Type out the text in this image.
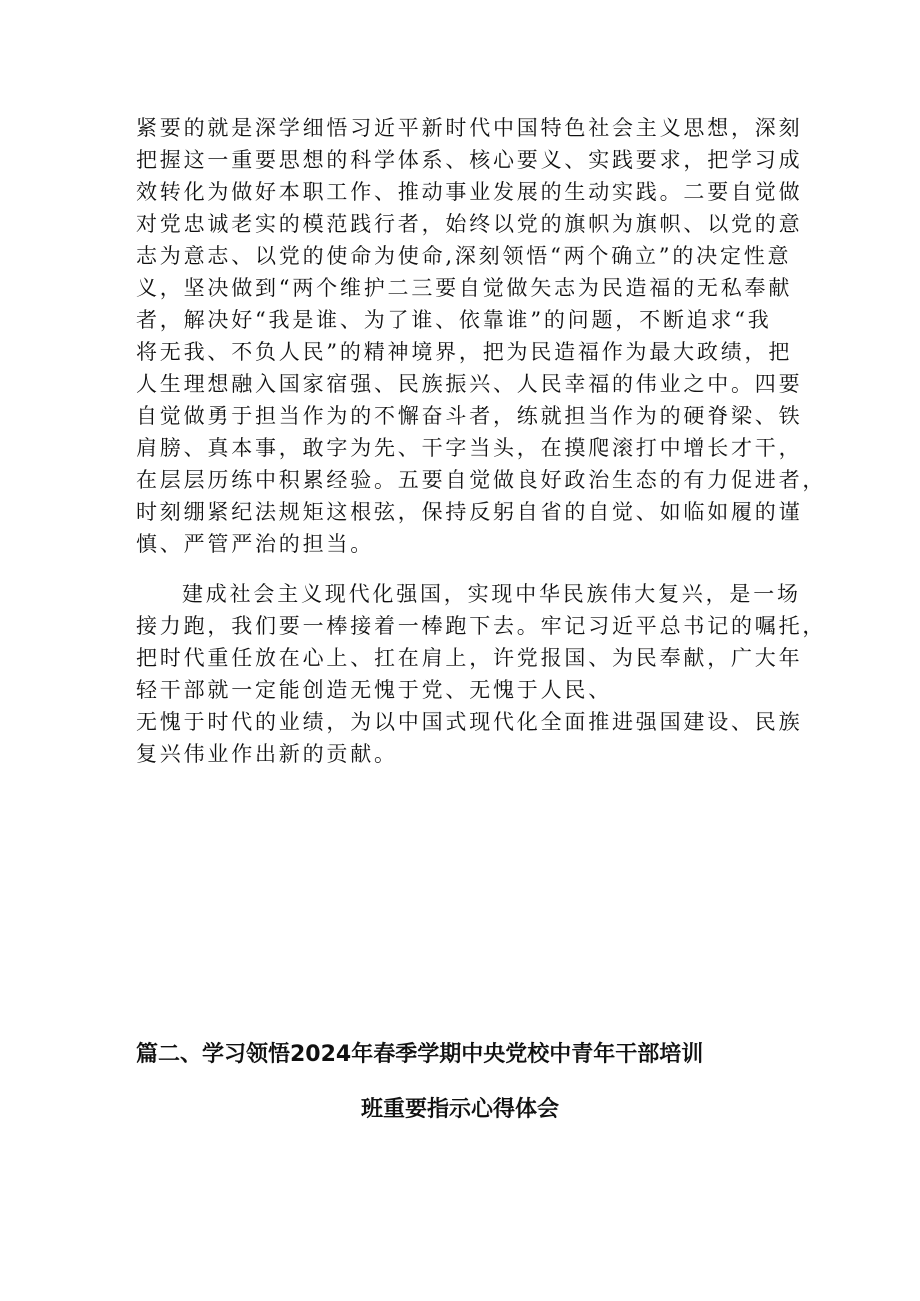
紧要的就是深学细悟习近平新时代中国特色社会主义思想，深刻
把握这一重要思想的科学体系、核心要义、实践要求，把学习成
效转化为做好本职工作、推动事业发展的生动实践。二要自觉做
对党忠诚老实的模范践行者，始终以党的旗帜为旗帜、以党的意
志为意志、以党的使命为使命,深刻领悟“两个确立”的决定性意
义，坚决做到“两个维护二三要自觉做矢志为民造福的无私奉献
者，解决好“我是谁、为了谁、依靠谁”的问题，不断追求“我
将无我、不负人民”的精神境界，把为民造福作为最大政绩，把
人生理想融入国家宿强、民族振兴、人民幸福的伟业之中。四要
自觉做勇于担当作为的不懈奋斗者，练就担当作为的硬脊梁、铁
肩膀、真本事，敢字为先、干字当头，在摸爬滚打中增长才干，
在层层历练中积累经验。五要自觉做良好政治生态的有力促进者，
时刻绷紧纪法规矩这根弦，保持反躬自省的自觉、如临如履的谨
慎、严管严治的担当。
建成社会主义现代化强国，实现中华民族伟大复兴，是一场
接力跑，我们要一棒接着一棒跑下去。牢记习近平总书记的嘱托，
把时代重任放在心上、扛在肩上，许党报国、为民奉献，广大年
轻干部就一定能创造无愧于党、无愧于人民、
无愧于时代的业绩，为以中国式现代化全面推进强国建设、民族
复兴伟业作出新的贡献。
篇二、学习领悟2024年春季学期中央党校中青年干部培训
班重要指示心得体会
